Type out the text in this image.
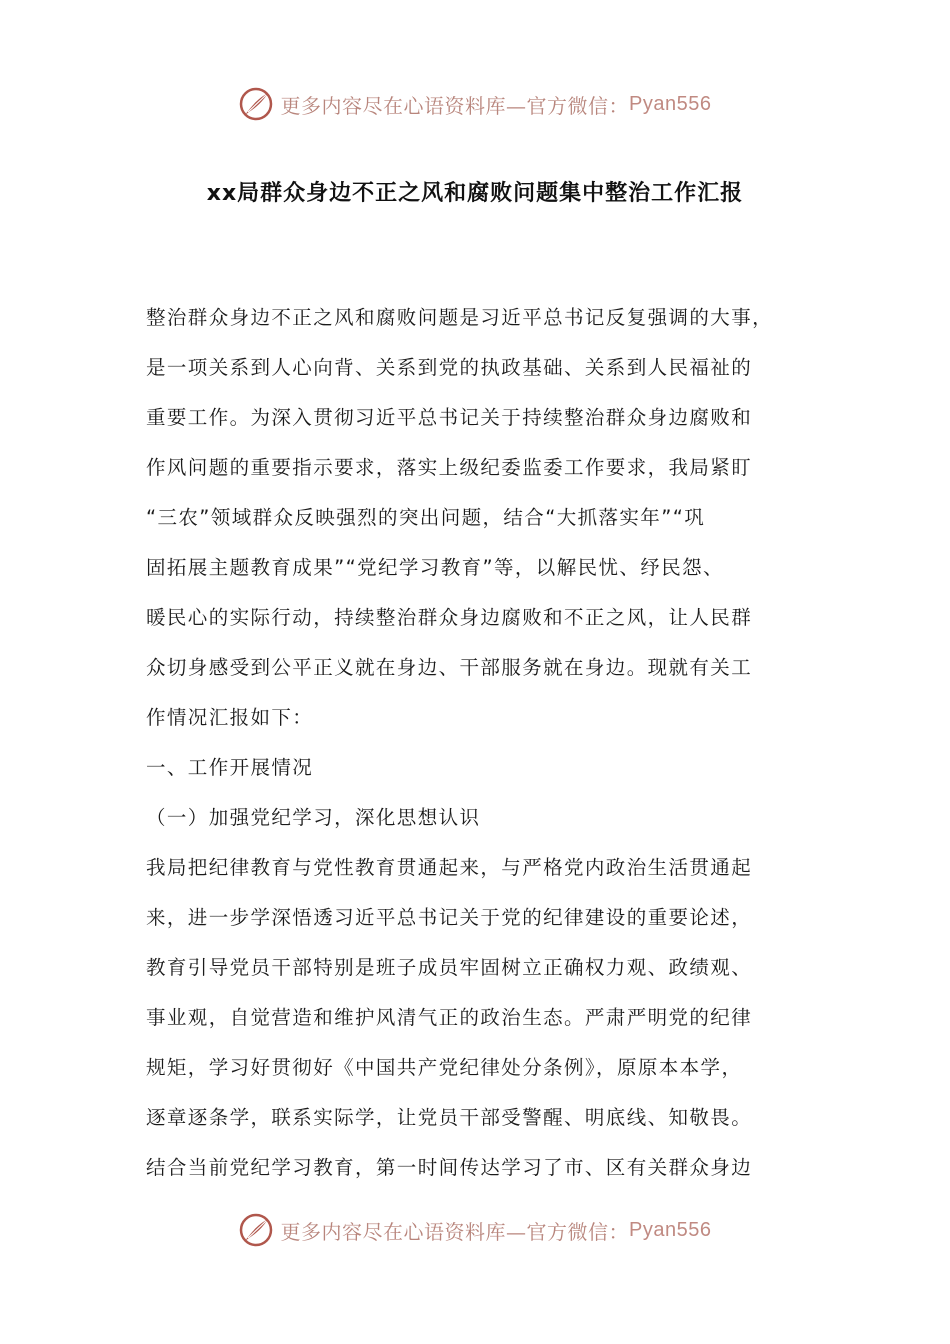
更多内容尽在心语资料库—官方微信： Pyan556
xx局群众身边不正之风和腐败问题集中整治工作汇报
整治群众身边不正之风和腐败问题是习近平总书记反复强调的大事，
是一项关系到人心向背、关系到党的执政基础、关系到人民福祉的
重要工作。为深入贯彻习近平总书记关于持续整治群众身边腐败和
作风问题的重要指示要求，落实上级纪委监委工作要求，我局紧盯
“三农”领域群众反映强烈的突出问题，结合“大抓落实年”“巩
固拓展主题教育成果”“党纪学习教育”等，以解民忧、纾民怨、
暖民心的实际行动，持续整治群众身边腐败和不正之风，让人民群
众切身感受到公平正义就在身边、干部服务就在身边。现就有关工
作情况汇报如下：
一、工作开展情况
（一）加强党纪学习，深化思想认识
我局把纪律教育与党性教育贯通起来，与严格党内政治生活贯通起
来，进一步学深悟透习近平总书记关于党的纪律建设的重要论述，
教育引导党员干部特别是班子成员牢固树立正确权力观、政绩观、
事业观，自觉营造和维护风清气正的政治生态。严肃严明党的纪律
规矩，学习好贯彻好《中国共产党纪律处分条例》，原原本本学，
逐章逐条学，联系实际学，让党员干部受警醒、明底线、知敬畏。
结合当前党纪学习教育，第一时间传达学习了市、区有关群众身边
更多内容尽在心语资料库—官方微信： Pyan556
